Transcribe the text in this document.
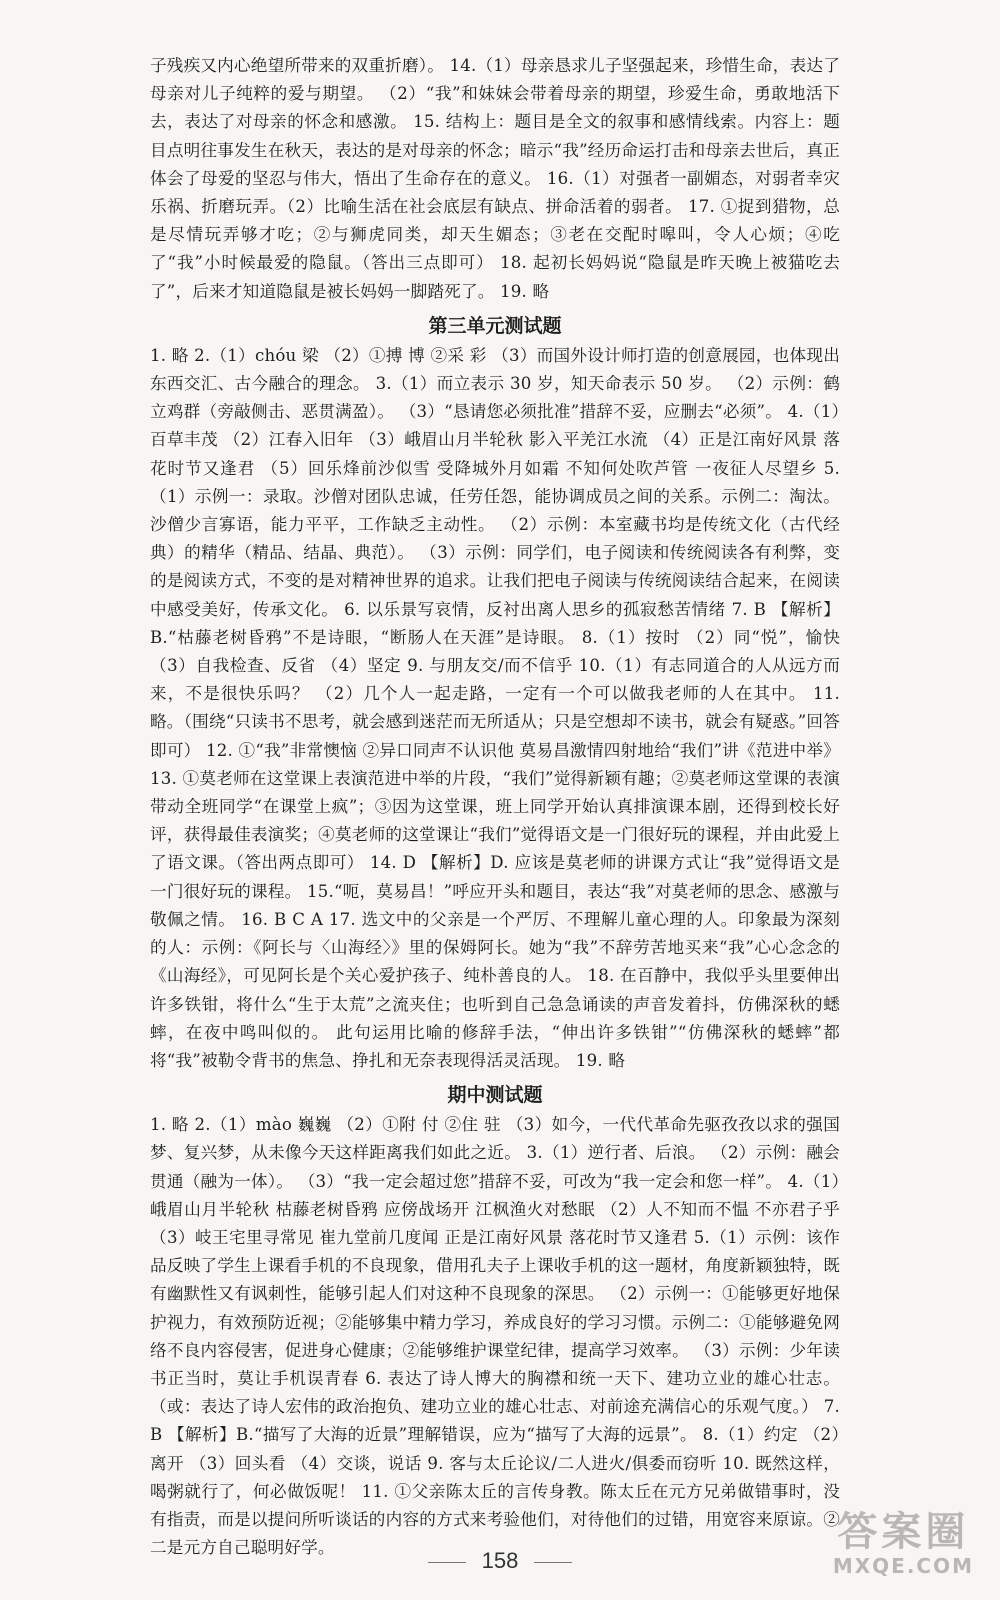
子残疾又内心绝望所带来的双重折磨）。 14.（1）母亲恳求儿子坚强起来，珍惜生命，表达了母亲对儿子纯粹的爱与期望。 （2）“我”和妹妹会带着母亲的期望，珍爱生命，勇敢地活下去，表达了对母亲的怀念和感激。 15. 结构上：题目是全文的叙事和感情线索。内容上：题目点明往事发生在秋天，表达的是对母亲的怀念；暗示“我”经历命运打击和母亲去世后，真正体会了母爱的坚忍与伟大，悟出了生命存在的意义。 16.（1）对强者一副媚态，对弱者幸灾乐祸、折磨玩弄。（2）比喻生活在社会底层有缺点、拼命活着的弱者。 17. ①捉到猎物，总是尽情玩弄够才吃；②与狮虎同类，却天生媚态；③老在交配时嗥叫，令人心烦；④吃了“我”小时候最爱的隐鼠。（答出三点即可） 18. 起初长妈妈说“隐鼠是昨天晚上被猫吃去了”，后来才知道隐鼠是被长妈妈一脚踏死了。 19. 略

第三单元测试题

1. 略 2.（1）chóu 梁 （2）①搏 博 ②采 彩 （3）而国外设计师打造的创意展园，也体现出东西交汇、古今融合的理念。 3.（1）而立表示 30 岁，知天命表示 50 岁。 （2）示例：鹤立鸡群（旁敲侧击、恶贯满盈）。 （3）“恳请您必须批准”措辞不妥，应删去“必须”。 4.（1）百草丰茂 （2）江春入旧年 （3）峨眉山月半轮秋 影入平羌江水流 （4）正是江南好风景 落花时节又逢君 （5）回乐烽前沙似雪 受降城外月如霜 不知何处吹芦管 一夜征人尽望乡 5.（1）示例一：录取。沙僧对团队忠诚，任劳任怨，能协调成员之间的关系。示例二：淘汰。沙僧少言寡语，能力平平，工作缺乏主动性。 （2）示例：本室藏书均是传统文化（古代经典）的精华（精品、结晶、典范）。 （3）示例：同学们，电子阅读和传统阅读各有利弊，变的是阅读方式，不变的是对精神世界的追求。让我们把电子阅读与传统阅读结合起来，在阅读中感受美好，传承文化。 6. 以乐景写哀情，反衬出离人思乡的孤寂愁苦情绪 7. B 【解析】B.“枯藤老树昏鸦”不是诗眼，“断肠人在天涯”是诗眼。 8.（1）按时 （2）同“悦”，愉快 （3）自我检查、反省 （4）坚定 9. 与朋友交/而不信乎 10.（1）有志同道合的人从远方而来，不是很快乐吗？ （2）几个人一起走路，一定有一个可以做我老师的人在其中。 11. 略。（围绕“只读书不思考，就会感到迷茫而无所适从；只是空想却不读书，就会有疑惑。”回答即可） 12. ①“我”非常懊恼 ②异口同声不认识他 莫易昌激情四射地给“我们”讲《范进中举》 13. ①莫老师在这堂课上表演范进中举的片段，“我们”觉得新颖有趣；②莫老师这堂课的表演带动全班同学“在课堂上疯”；③因为这堂课，班上同学开始认真排演课本剧，还得到校长好评，获得最佳表演奖；④莫老师的这堂课让“我们”觉得语文是一门很好玩的课程，并由此爱上了语文课。（答出两点即可） 14. D 【解析】D. 应该是莫老师的讲课方式让“我”觉得语文是一门很好玩的课程。 15.“呃，莫易昌！”呼应开头和题目，表达“我”对莫老师的思念、感激与敬佩之情。 16. B C A 17. 选文中的父亲是一个严厉、不理解儿童心理的人。印象最为深刻的人：示例：《阿长与〈山海经〉》里的保姆阿长。她为“我”不辞劳苦地买来“我”心心念念的《山海经》，可见阿长是个关心爱护孩子、纯朴善良的人。 18. 在百静中，我似乎头里要伸出许多铁钳，将什么“生于太荒”之流夹住；也听到自己急急诵读的声音发着抖，仿佛深秋的蟋蟀，在夜中鸣叫似的。 此句运用比喻的修辞手法，“伸出许多铁钳”“仿佛深秋的蟋蟀”都将“我”被勒令背书的焦急、挣扎和无奈表现得活灵活现。 19. 略

期中测试题

1. 略 2.（1）mào 巍巍 （2）①附 付 ②住 驻 （3）如今，一代代革命先驱孜孜以求的强国梦、复兴梦，从未像今天这样距离我们如此之近。 3.（1）逆行者、后浪。 （2）示例：融会贯通（融为一体）。 （3）“我一定会超过您”措辞不妥，可改为“我一定会和您一样”。 4.（1）峨眉山月半轮秋 枯藤老树昏鸦 应傍战场开 江枫渔火对愁眠 （2）人不知而不愠 不亦君子乎 （3）岐王宅里寻常见 崔九堂前几度闻 正是江南好风景 落花时节又逢君 5.（1）示例：该作品反映了学生上课看手机的不良现象，借用孔夫子上课收手机的这一题材，角度新颖独特，既有幽默性又有讽刺性，能够引起人们对这种不良现象的深思。 （2）示例一：①能够更好地保护视力，有效预防近视；②能够集中精力学习，养成良好的学习习惯。示例二：①能够避免网络不良内容侵害，促进身心健康；②能够维护课堂纪律，提高学习效率。 （3）示例：少年读书正当时，莫让手机误青春 6. 表达了诗人博大的胸襟和统一天下、建功立业的雄心壮志。（或：表达了诗人宏伟的政治抱负、建功立业的雄心壮志、对前途充满信心的乐观气度。） 7. B 【解析】B.“描写了大海的近景”理解错误，应为“描写了大海的远景”。 8.（1）约定 （2）离开 （3）回头看 （4）交谈，说话 9. 客与太丘论议/二人进火/俱委而窃听 10. 既然这样，喝粥就行了，何必做饭呢！ 11. ①父亲陈太丘的言传身教。陈太丘在元方兄弟做错事时，没有指责，而是以提问所听谈话的内容的方式来考验他们，对待他们的过错，用宽容来原谅。②二是元方自己聪明好学。

158
答案圈
MXQE.COM
